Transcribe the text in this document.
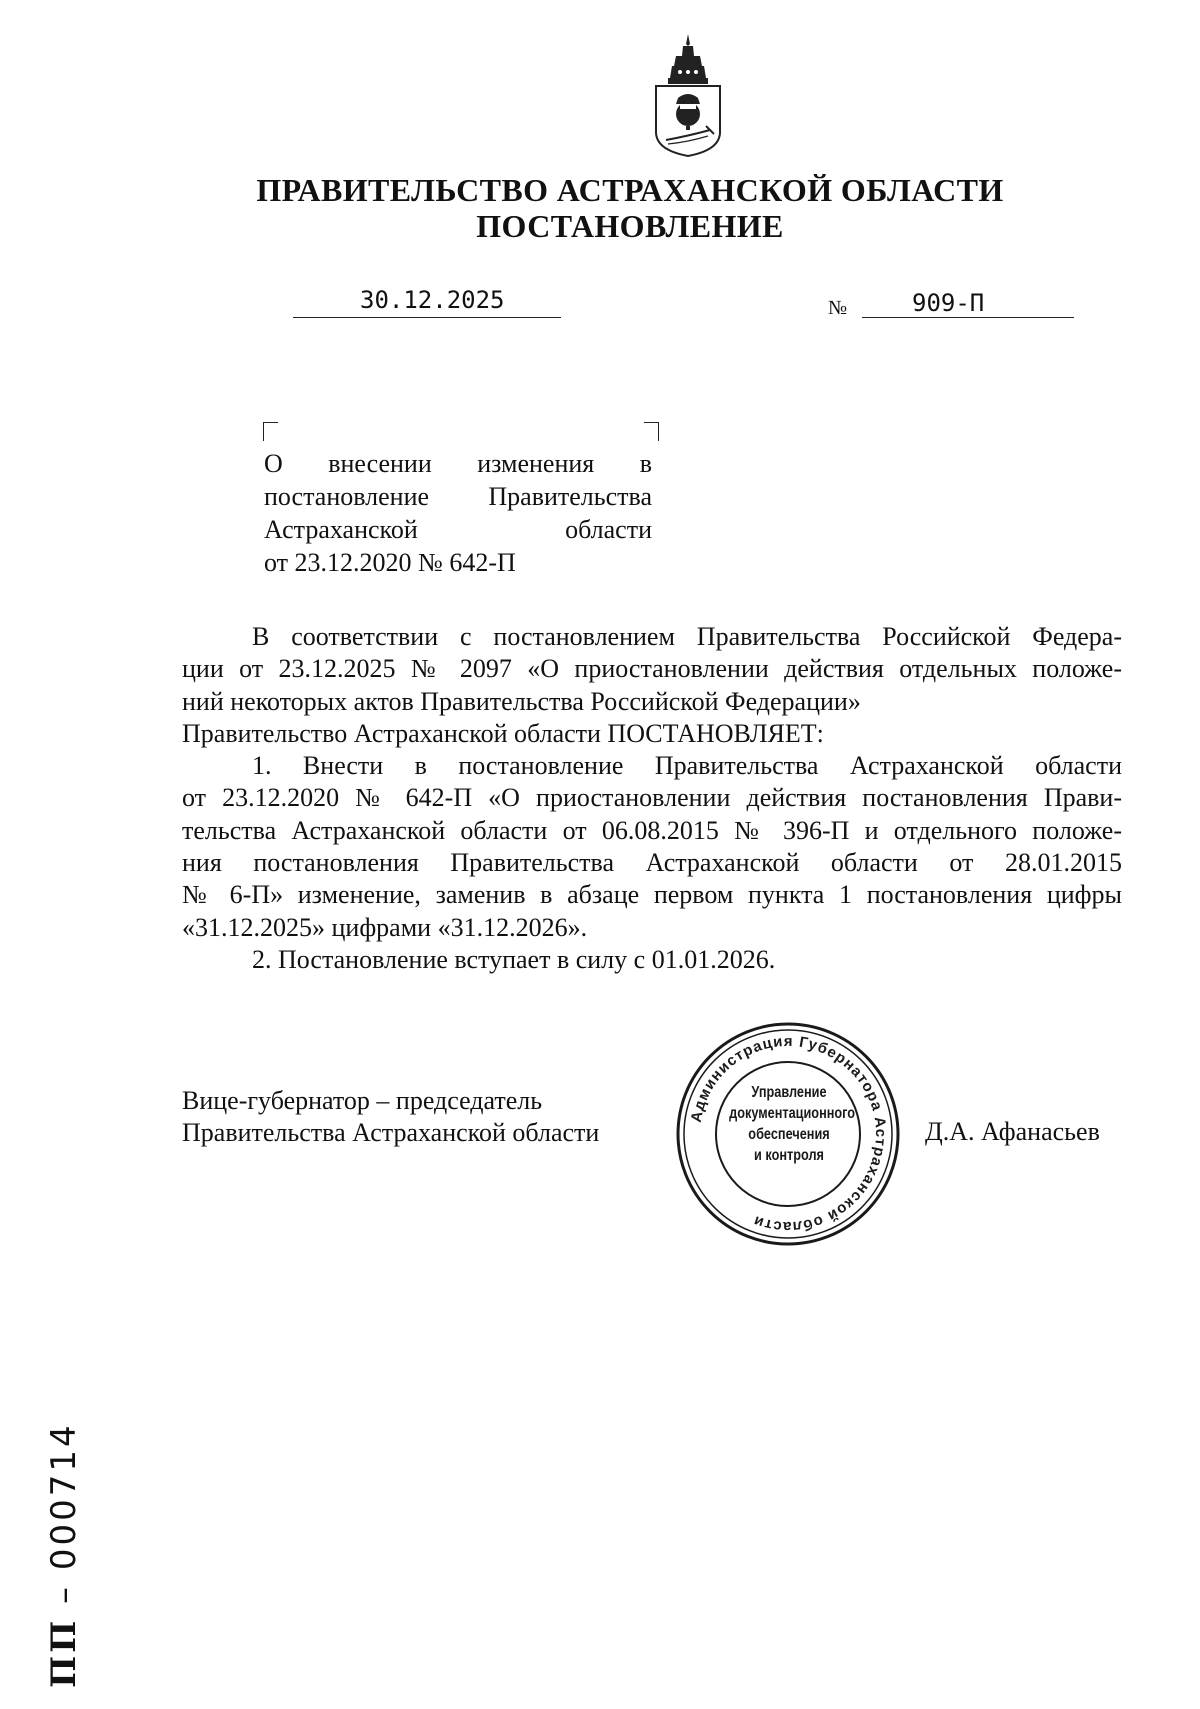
ПРАВИТЕЛЬСТВО АСТРАХАНСКОЙ ОБЛАСТИ
ПОСТАНОВЛЕНИЕ
30.12.2025	№	909-П
О внесении изменения в
постановление Правительства
Астраханской области
от 23.12.2020 № 642-П
В соответствии с постановлением Правительства Российской Федера-
ции от 23.12.2025 № 2097 «О приостановлении действия отдельных положе-
ний некоторых актов Правительства Российской Федерации»
Правительство Астраханской области ПОСТАНОВЛЯЕТ:
1. Внести в постановление Правительства Астраханской области
от 23.12.2020 № 642-П «О приостановлении действия постановления Прави-
тельства Астраханской области от 06.08.2015 № 396-П и отдельного положе-
ния постановления Правительства Астраханской области от 28.01.2015
№ 6-П» изменение, заменив в абзаце первом пункта 1 постановления цифры
«31.12.2025» цифрами «31.12.2026».
2. Постановление вступает в силу с 01.01.2026.
Вице-губернатор – председатель
Правительства Астраханской области	Д.А. Афанасьев
Администрация Губернатора Астраханской области
Управление
документационного
обеспечения
и контроля
ПП – 000714
